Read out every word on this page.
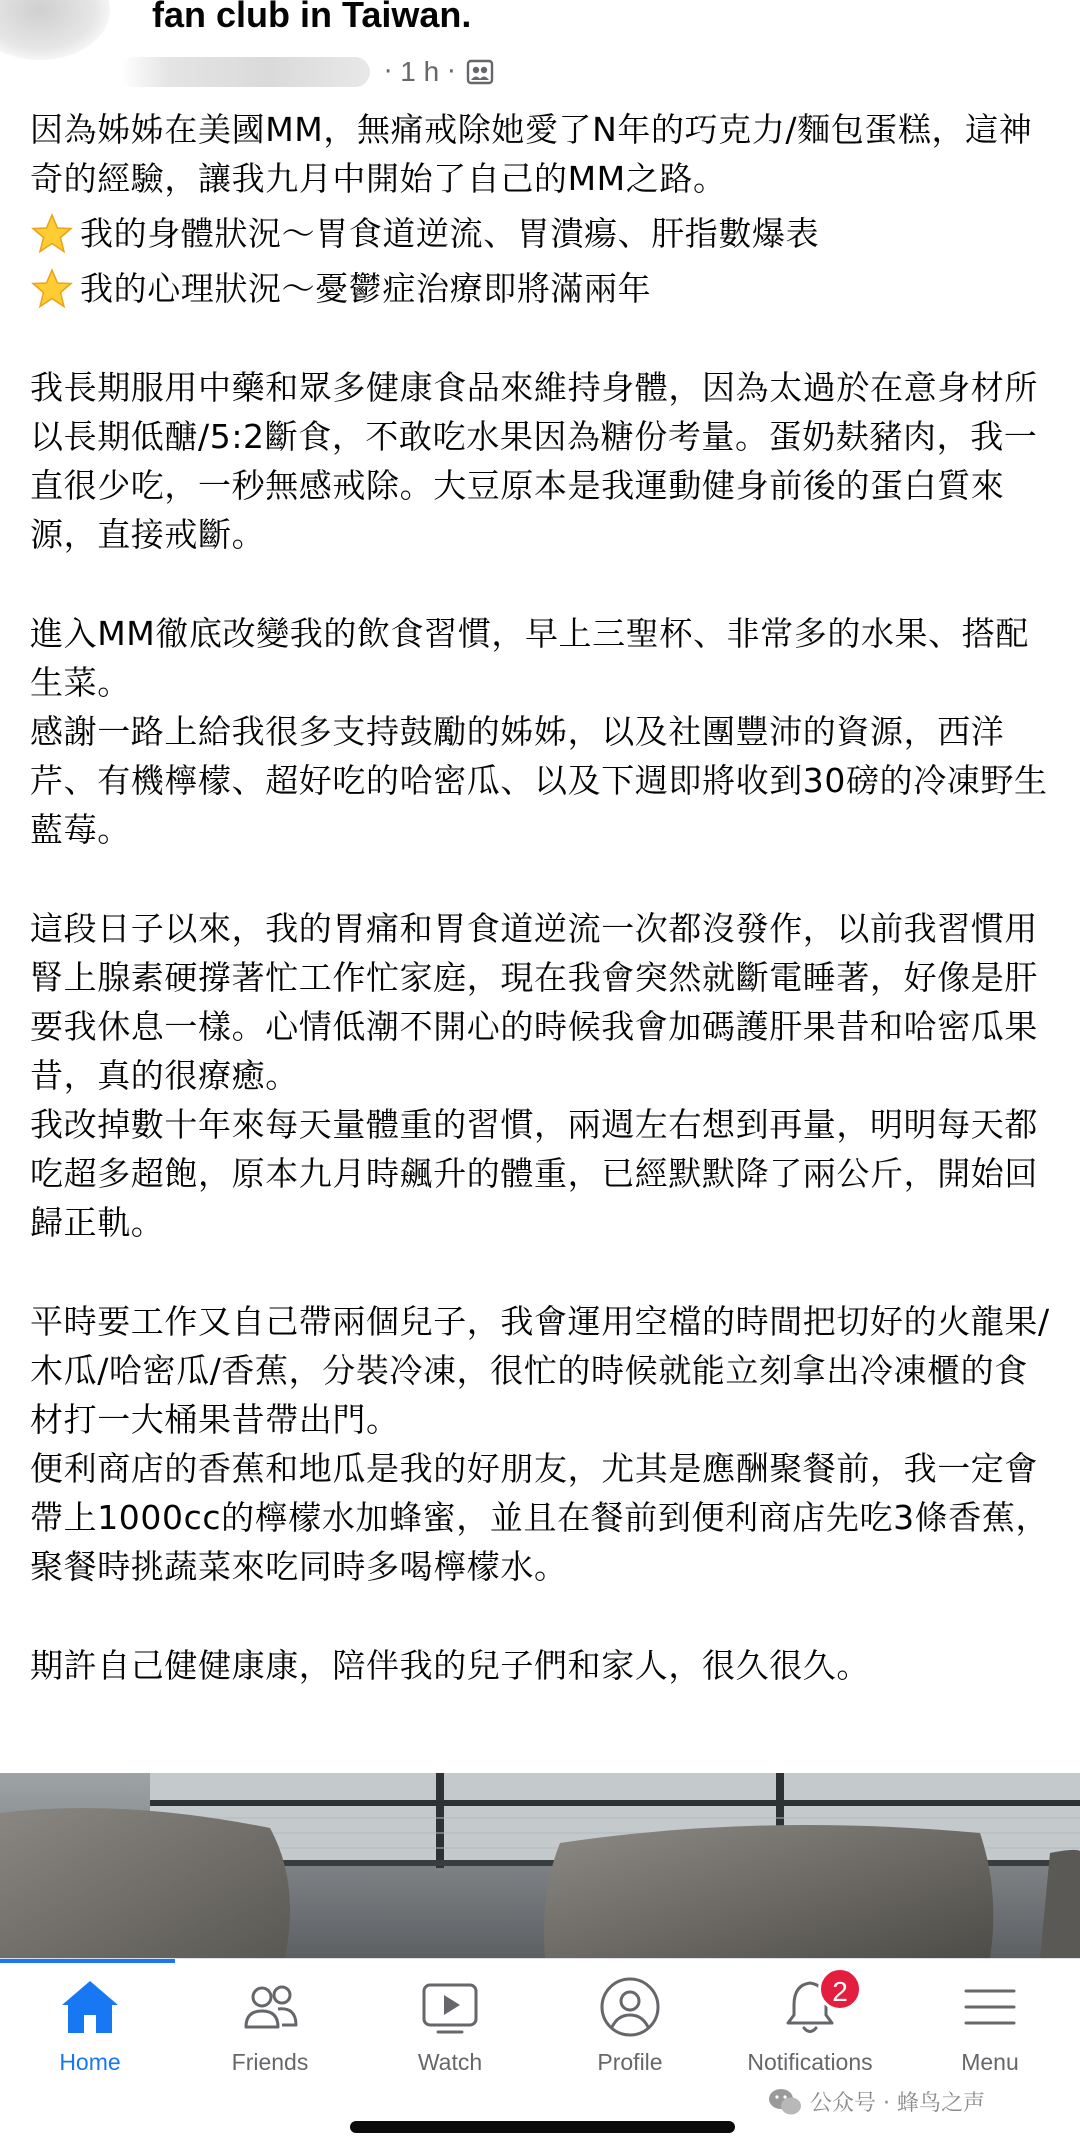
fan club in Taiwan.
· 1 h ·

因為姊姊在美國MM，無痛戒除她愛了N年的巧克力/麵包蛋糕，這神奇的經驗，讓我九月中開始了自己的MM之路。

我的身體狀況～胃食道逆流、胃潰瘍、肝指數爆表
我的心理狀況～憂鬱症治療即將滿兩年

我長期服用中藥和眾多健康食品來維持身體，因為太過於在意身材所以長期低醣/5:2斷食，不敢吃水果因為糖份考量。蛋奶麸豬肉，我一直很少吃，一秒無感戒除。大豆原本是我運動健身前後的蛋白質來源，直接戒斷。

進入MM徹底改變我的飲食習慣，早上三聖杯、非常多的水果、搭配生菜。

感謝一路上給我很多支持鼓勵的姊姊，以及社團豐沛的資源，西洋芹、有機檸檬、超好吃的哈密瓜、以及下週即將收到30磅的冷凍野生藍莓。

這段日子以來，我的胃痛和胃食道逆流一次都沒發作，以前我習慣用腎上腺素硬撐著忙工作忙家庭，現在我會突然就斷電睡著，好像是肝要我休息一樣。心情低潮不開心的時候我會加碼護肝果昔和哈密瓜果昔，真的很療癒。

我改掉數十年來每天量體重的習慣，兩週左右想到再量，明明每天都吃超多超飽，原本九月時飆升的體重，已經默默降了兩公斤，開始回歸正軌。

平時要工作又自己帶兩個兒子，我會運用空檔的時間把切好的火龍果/木瓜/哈密瓜/香蕉，分裝冷凍，很忙的時候就能立刻拿出冷凍櫃的食材打一大桶果昔帶出門。

便利商店的香蕉和地瓜是我的好朋友，尤其是應酬聚餐前，我一定會帶上1000cc的檸檬水加蜂蜜，並且在餐前到便利商店先吃3條香蕉，聚餐時挑蔬菜來吃同時多喝檸檬水。

期許自己健健康康，陪伴我的兒子們和家人，很久很久。

Home	Friends	Watch	Profile
2
Notifications	Menu
公众号 · 蜂鸟之声
